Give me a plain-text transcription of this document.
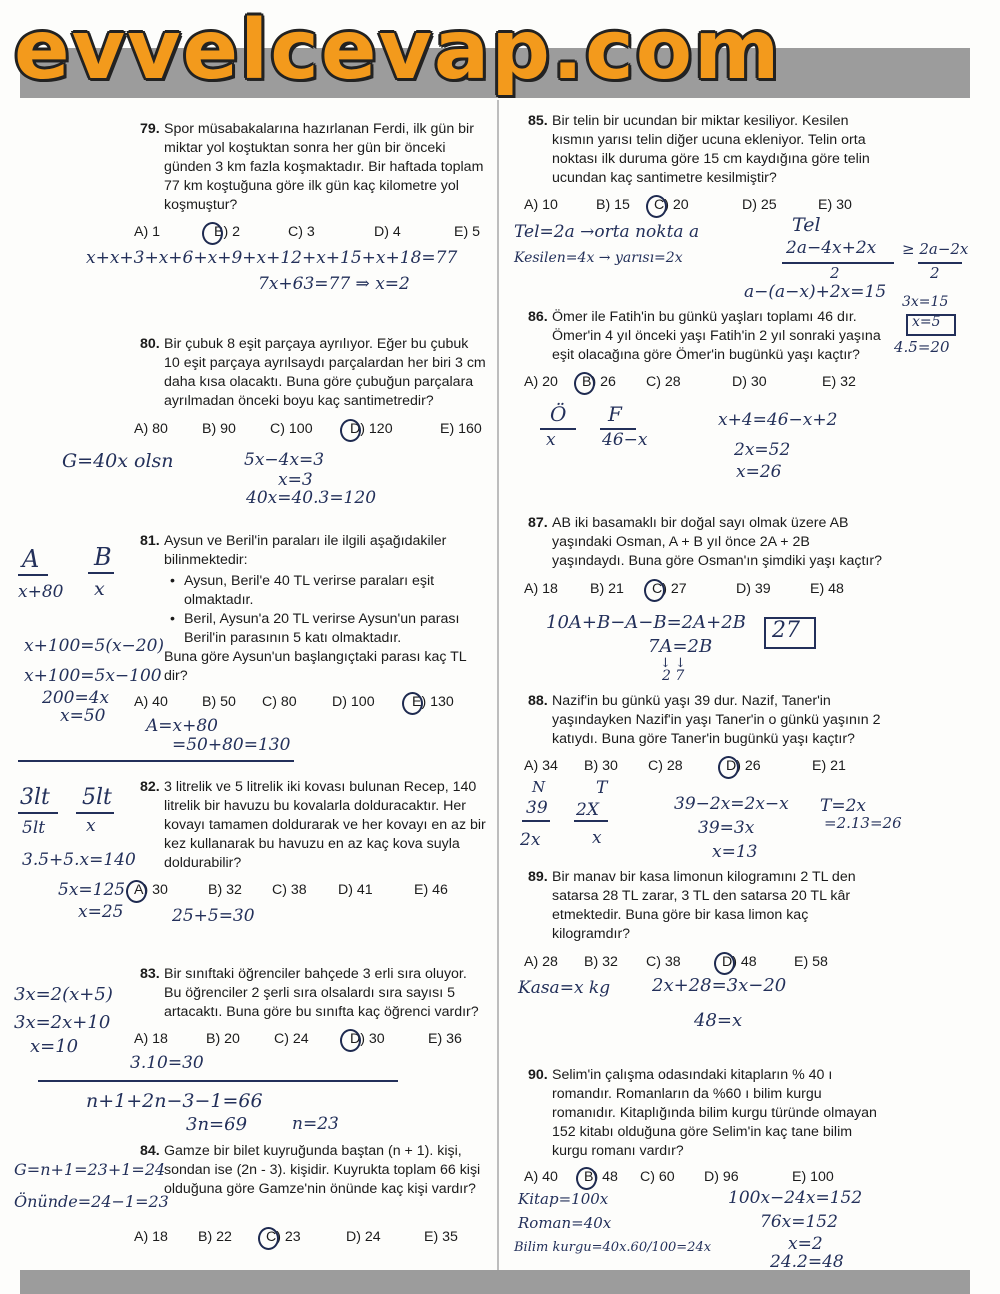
evvelcevap.com
79. Spor müsabakalarına hazırlanan Ferdi, ilk gün bir miktar yol koştuktan sonra her gün bir önceki günden 3 km fazla koşmaktadır. Bir haftada toplam 77 km koştuğuna göre ilk gün kaç kilometre yol koşmuştur?

A) 1	B) 2	C) 3	D) 4	E) 5
x+x+3+x+6+x+9+x+12+x+15+x+18=77
7x+63=77 ⇒ x=2
80. Bir çubuk 8 eşit parçaya ayrılıyor. Eğer bu çubuk 10 eşit parçaya ayrılsaydı parçalardan her biri 3 cm daha kısa olacaktı. Buna göre çubuğun parçalara ayrılmadan önceki boyu kaç santimetredir?

A) 80 B) 90 C) 100	D) 120	E) 160
G=40x olsn	5x−4x=3
x=3
40x=40.3=120
81. Aysun ve Beril'in paraları ile ilgili aşağıdakiler bilinmektedir:

• Aysun, Beril'e 40 TL verirse paraları eşit olmaktadır.
• Beril, Aysun'a 20 TL verirse Aysun'un parası Beril'in parasının 5 katı olmaktadır.

Buna göre Aysun'un başlangıçtaki parası kaç TL dir?

A) 40 B) 50 C) 80 D) 100	E) 130
A B
x+80 x
x+100=5(x−20)
x+100=5x−100
200=4x
x=50 A=x+80
=50+80=130
82. 3 litrelik ve 5 litrelik iki kovası bulunan Recep, 140 litrelik bir havuzu bu kovalarla dolduracaktır. Her kovayı tamamen doldurarak ve her kovayı en az bir kez kullanarak bu havuzu en az kaç kova suyla doldurabilir?

A) 30	B) 32 C) 38 D) 41	E) 46
3lt 5lt
5lt x
3.5+5.x=140
5x=125
x=25	25+5=30
83. Bir sınıftaki öğrenciler bahçede 3 erli sıra oluyor. Bu öğrenciler 2 şerli sıra olsalardı sıra sayısı 5 artacaktı. Buna göre bu sınıfta kaç öğrenci vardır?

A) 18	B) 20 C) 24	D) 30	E) 36
3x=2(x+5)
3x=2x+10
x=10
3.10=30
n+1+2n−3−1=66
3n=69	n=23
84. Gamze bir bilet kuyruğunda baştan (n + 1). kişi, sondan ise (2n - 3). kişidir. Kuyrukta toplam 66 kişi olduğuna göre Gamze'nin önünde kaç kişi vardır?

A) 18 B) 22 C) 23	D) 24	E) 35
G=n+1=23+1=24
Önünde=24−1=23
85. Bir telin bir ucundan bir miktar kesiliyor. Kesilen kısmın yarısı telin diğer ucuna ekleniyor. Telin orta noktası ilk duruma göre 15 cm kaydığına göre telin ucundan kaç santimetre kesilmiştir?

A) 10	B) 15 C) 20	D) 25	E) 30
Tel=2a →orta nokta a
Kesilen=4x → yarısı=2x
Tel
2a−4x+2x
2
≥ 2a−2x
2
a−(a−x)+2x=15 3x=15
x=5
4.5=20
86. Ömer ile Fatih'in bu günkü yaşları toplamı 46 dır. Ömer'in 4 yıl önceki yaşı Fatih'in 2 yıl sonraki yaşına eşit olacağına göre Ömer'in bugünkü yaşı kaçtır?

A) 20 B) 26 C) 28	D) 30	E) 32
Ö F
x	46−x
x+4=46−x+2
2x=52
x=26
87. AB iki basamaklı bir doğal sayı olmak üzere AB yaşındaki Osman, A + B yıl önce 2A + 2B yaşındaydı. Buna göre Osman'ın şimdiki yaşı kaçtır?

A) 18 B) 21 C) 27	D) 39	E) 48
10A+B−A−B=2A+2B
7A=2B
↓ ↓
2 7
27
88. Nazif'in bu günkü yaşı 39 dur. Nazif, Taner'in yaşındayken Nazif'in yaşı Taner'in o günkü yaşının 2 katıydı. Buna göre Taner'in bugünkü yaşı kaçtır?

A) 34 B) 30 C) 28	D) 26	E) 21
N	T
39 2X
2x	x
39−2x=2x−x
39=3x
x=13
T=2x
=2.13=26
89. Bir manav bir kasa limonun kilogramını 2 TL den satarsa 28 TL zarar, 3 TL den satarsa 20 TL kâr etmektedir. Buna göre bir kasa limon kaç kilogramdır?

A) 28 B) 32 C) 38	D) 48	E) 58
Kasa=x kg 2x+28=3x−20
48=x
90. Selim'in çalışma odasındaki kitapların % 40 ı romandır. Romanların da %60 ı bilim kurgu romanıdır. Kitaplığında bilim kurgu türünde olmayan 152 kitabı olduğuna göre Selim'in kaç tane bilim kurgu romanı vardır?

A) 40 B) 48 C) 60 D) 96	E) 100
Kitap=100x
Roman=40x
Bilim kurgu=40x.60/100=24x
100x−24x=152
76x=152
x=2
24.2=48
